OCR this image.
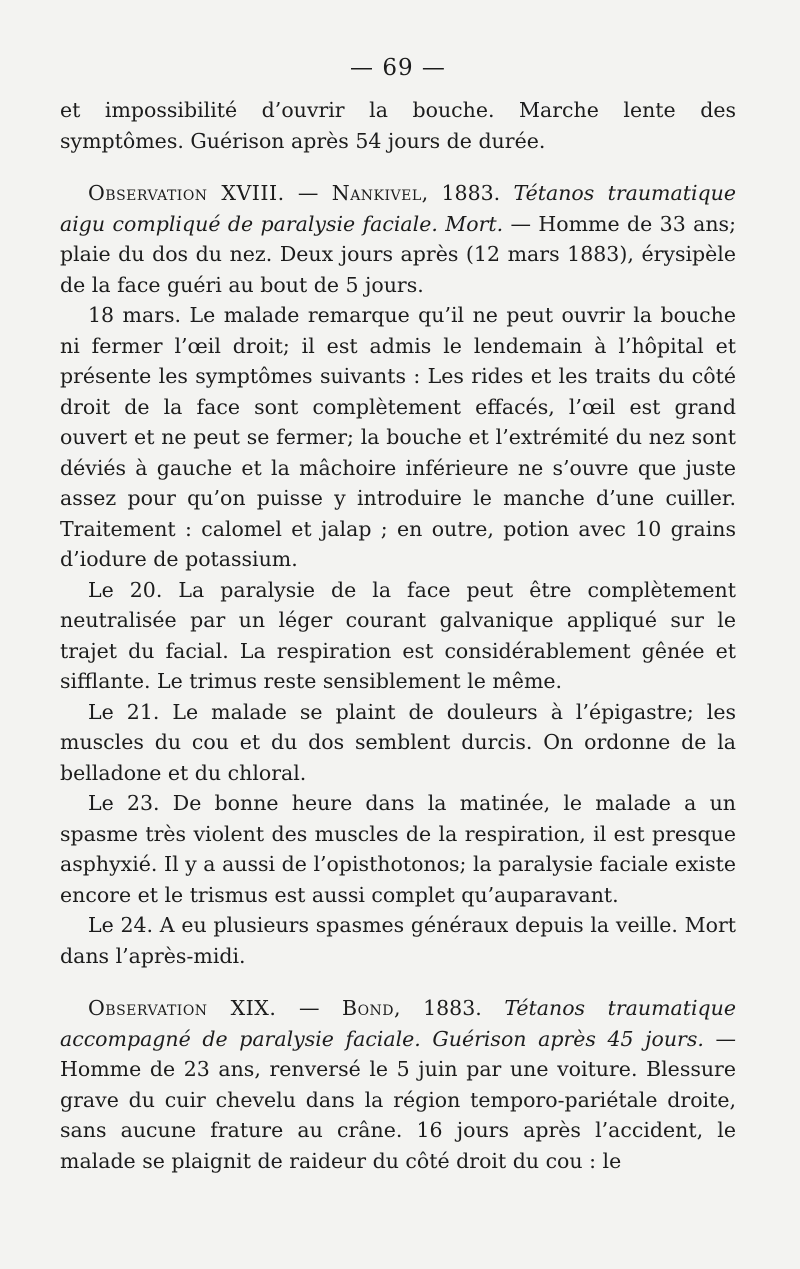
— 69 —

et impossibilité d’ouvrir la bouche. Marche lente des symptômes. Guérison après 54 jours de durée.

Observation XVIII. — Nankivel, 1883. Tétanos traumatique aigu compliqué de paralysie faciale. Mort. — Homme de 33 ans; plaie du dos du nez. Deux jours après (12 mars 1883), érysipèle de la face guéri au bout de 5 jours.

18 mars. Le malade remarque qu’il ne peut ouvrir la bouche ni fermer l’œil droit; il est admis le lendemain à l’hôpital et présente les symptômes suivants : Les rides et les traits du côté droit de la face sont complètement effacés, l’œil est grand ouvert et ne peut se fermer; la bouche et l’extrémité du nez sont déviés à gauche et la mâchoire inférieure ne s’ouvre que juste assez pour qu’on puisse y introduire le manche d’une cuiller. Traitement : calomel et jalap ; en outre, potion avec 10 grains d’iodure de potassium.

Le 20. La paralysie de la face peut être complètement neutralisée par un léger courant galvanique appliqué sur le trajet du facial. La respiration est considérablement gênée et sifflante. Le trimus reste sensiblement le même.

Le 21. Le malade se plaint de douleurs à l’épigastre; les muscles du cou et du dos semblent durcis. On ordonne de la belladone et du chloral.

Le 23. De bonne heure dans la matinée, le malade a un spasme très violent des muscles de la respiration, il est presque asphyxié. Il y a aussi de l’opisthotonos; la paralysie faciale existe encore et le trismus est aussi complet qu’auparavant.

Le 24. A eu plusieurs spasmes généraux depuis la veille. Mort dans l’après-midi.

Observation XIX. — Bond, 1883. Tétanos traumatique accompagné de paralysie faciale. Guérison après 45 jours. — Homme de 23 ans, renversé le 5 juin par une voiture. Blessure grave du cuir chevelu dans la région temporo-pariétale droite, sans aucune frature au crâne. 16 jours après l’accident, le malade se plaignit de raideur du côté droit du cou : le
